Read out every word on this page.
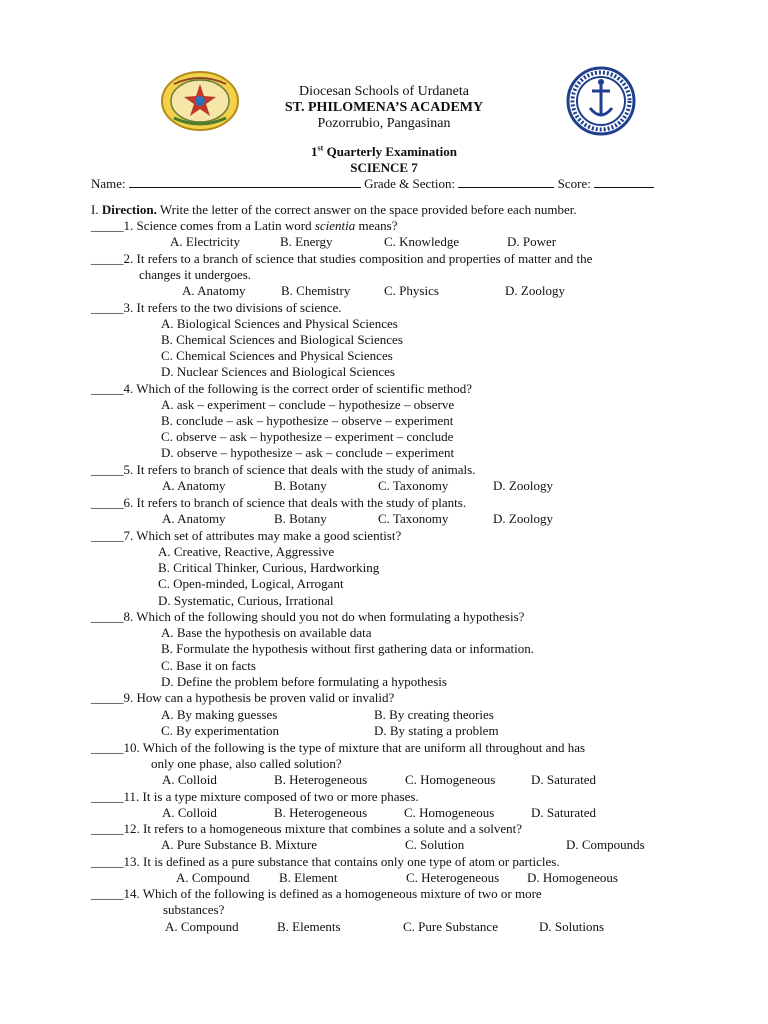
Diocesan Schools of Urdaneta
ST. PHILOMENA’S ACADEMY
Pozorrubio, Pangasinan
1st Quarterly Examination
SCIENCE 7
Name:	Grade & Section:	Score:
I. Direction. Write the letter of the correct answer on the space provided before each number.
_____1. Science comes from a Latin word scientia means?
A. Electricity	B. Energy	C. Knowledge	D. Power
_____2. It refers to a branch of science that studies composition and properties of matter and the
changes it undergoes.
A. Anatomy	B. Chemistry	C. Physics	D. Zoology
_____3. It refers to the two divisions of science.
A. Biological Sciences and Physical Sciences
B. Chemical Sciences and Biological Sciences
C. Chemical Sciences and Physical Sciences
D. Nuclear Sciences and Biological Sciences
_____4. Which of the following is the correct order of scientific method?
A. ask – experiment – conclude – hypothesize – observe
B. conclude – ask – hypothesize – observe – experiment
C. observe – ask – hypothesize – experiment – conclude
D. observe – hypothesize – ask – conclude – experiment
_____5. It refers to branch of science that deals with the study of animals.
A. Anatomy	B. Botany	C. Taxonomy	D. Zoology
_____6. It refers to branch of science that deals with the study of plants.
A. Anatomy	B. Botany	C. Taxonomy	D. Zoology
_____7. Which set of attributes may make a good scientist?
A. Creative, Reactive, Aggressive
B. Critical Thinker, Curious, Hardworking
C. Open-minded, Logical, Arrogant
D. Systematic, Curious, Irrational
_____8. Which of the following should you not do when formulating a hypothesis?
A. Base the hypothesis on available data
B. Formulate the hypothesis without first gathering data or information.
C. Base it on facts
D. Define the problem before formulating a hypothesis
_____9. How can a hypothesis be proven valid or invalid?
A. By making guesses	B. By creating theories
C. By experimentation	D. By stating a problem
_____10. Which of the following is the type of mixture that are uniform all throughout and has
only one phase, also called solution?
A. Colloid	B. Heterogeneous	C. Homogeneous	D. Saturated
_____11. It is a type mixture composed of two or more phases.
A. Colloid	B. Heterogeneous	C. Homogeneous	D. Saturated
_____12. It refers to a homogeneous mixture that combines a solute and a solvent?
A. Pure Substance B. Mixture	C. Solution	D. Compounds
_____13. It is defined as a pure substance that contains only one type of atom or particles.
A. Compound B. Element	C. Heterogeneous D. Homogeneous
_____14. Which of the following is defined as a homogeneous mixture of two or more
substances?
A. Compound	B. Elements	C. Pure Substance	D. Solutions
